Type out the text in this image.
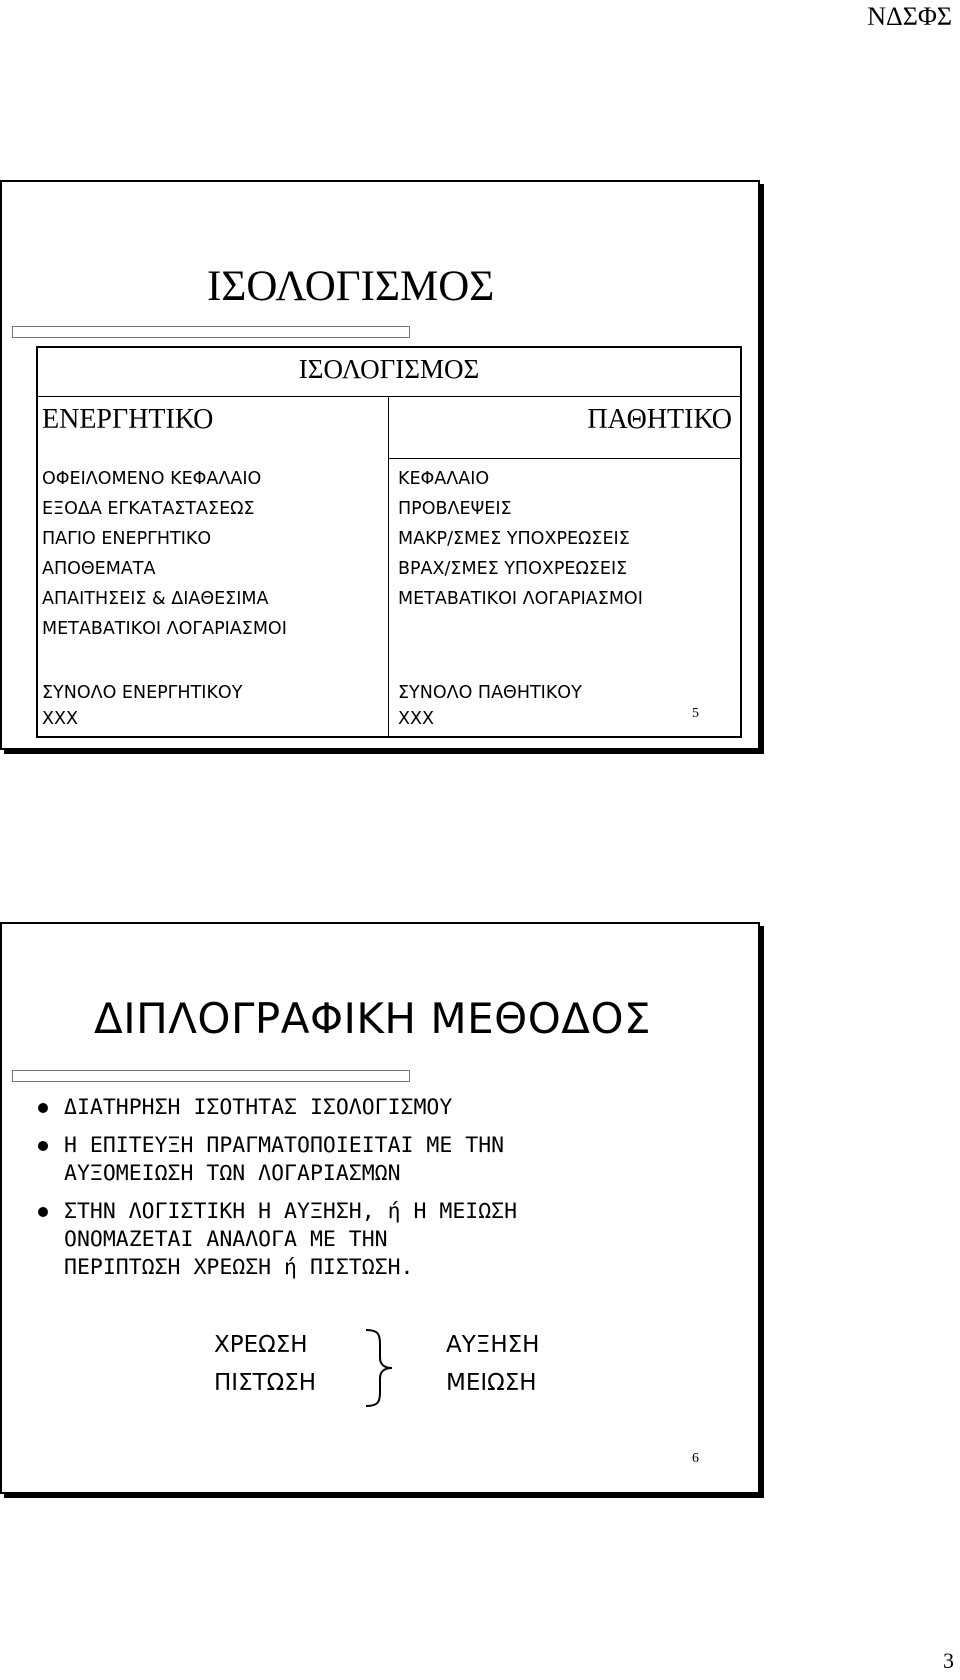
ΝΔΣΦΣ
ΙΣΟΛΟΓΙΣΜΟΣ
ΙΣΟΛΟΓΙΣΜΟΣ
ΕΝΕΡΓΗΤΙΚΟ	ΠΑΘΗΤΙΚΟ
ΟΦΕΙΛΟΜΕΝΟ ΚΕΦΑΛΑΙΟ
ΕΞΟΔΑ ΕΓΚΑΤΑΣΤΑΣΕΩΣ
ΠΑΓΙΟ ΕΝΕΡΓΗΤΙΚΟ
ΑΠΟΘΕΜΑΤΑ
ΑΠΑΙΤΗΣΕΙΣ & ΔΙΑΘΕΣΙΜΑ
ΜΕΤΑΒΑΤΙΚΟΙ ΛΟΓΑΡΙΑΣΜΟΙ
ΚΕΦΑΛΑΙΟ
ΠΡΟΒΛΕΨΕΙΣ
ΜΑΚΡ/ΣΜΕΣ ΥΠΟΧΡΕΩΣΕΙΣ
ΒΡΑΧ/ΣΜΕΣ ΥΠΟΧΡΕΩΣΕΙΣ
ΜΕΤΑΒΑΤΙΚΟΙ ΛΟΓΑΡΙΑΣΜΟΙ
ΣΥΝΟΛΟ ΕΝΕΡΓΗΤΙΚΟΥ
ΧΧΧ
ΣΥΝΟΛΟ ΠΑΘΗΤΙΚΟΥ
ΧΧΧ	5
ΔΙΠΛΟΓΡΑΦΙΚΗ ΜΕΘΟΔΟΣ
ΔΙΑΤΗΡΗΣΗ ΙΣΟΤΗΤΑΣ ΙΣΟΛΟΓΙΣΜΟΥ
Η ΕΠΙΤΕΥΞΗ ΠΡΑΓΜΑΤΟΠΟΙΕΙΤΑΙ ΜΕ ΤΗΝ
ΑΥΞΟΜΕΙΩΣΗ ΤΩΝ ΛΟΓΑΡΙΑΣΜΩΝ
ΣΤΗΝ ΛΟΓΙΣΤΙΚΗ Η ΑΥΞΗΣΗ, ή Η ΜΕΙΩΣΗ
ΟΝΟΜΑΖΕΤΑΙ ΑΝΑΛΟΓΑ ΜΕ ΤΗΝ
ΠΕΡΙΠΤΩΣΗ ΧΡΕΩΣΗ ή ΠΙΣΤΩΣΗ.
ΧΡΕΩΣΗ
ΠΙΣΤΩΣΗ
ΑΥΞΗΣΗ
ΜΕΙΩΣΗ
6
3
